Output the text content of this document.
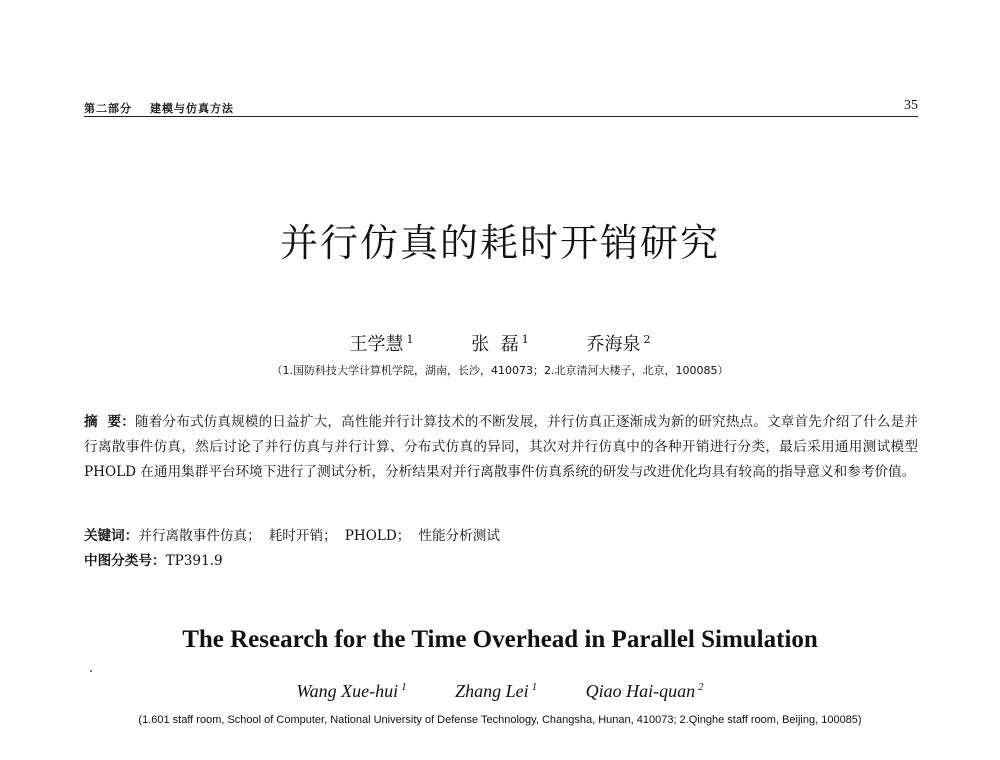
第二部分 建模与仿真方法	35
并行仿真的耗时开销研究
王学慧 $^1$	张  磊 $^1$	乔海泉 $^2$
（1.国防科技大学计算机学院，湖南，长沙，410073；2.北京清河大楼子，北京，100085）
摘  要：随着分布式仿真规模的日益扩大，高性能并行计算技术的不断发展，并行仿真正逐渐成为新的研究热点。文章首先介绍了什么是并行离散事件仿真，然后讨论了并行仿真与并行计算、分布式仿真的异同，其次对并行仿真中的各种开销进行分类，最后采用通用测试模型 PHOLD 在通用集群平台环境下进行了测试分析，分析结果对并行离散事件仿真系统的研发与改进优化均具有较高的指导意义和参考价值。
关键词：并行离散事件仿真； 耗时开销； PHOLD； 性能分析测试
中图分类号：TP391.9
The Research for the Time Overhead in Parallel Simulation
Wang Xue-hui $^1$	Zhang Lei $^1$	Qiao Hai-quan $^2$
(1.601 staff room, School of Computer, National University of Defense Technology, Changsha, Hunan, 410073; 2.Qinghe staff room, Beijing, 100085)
